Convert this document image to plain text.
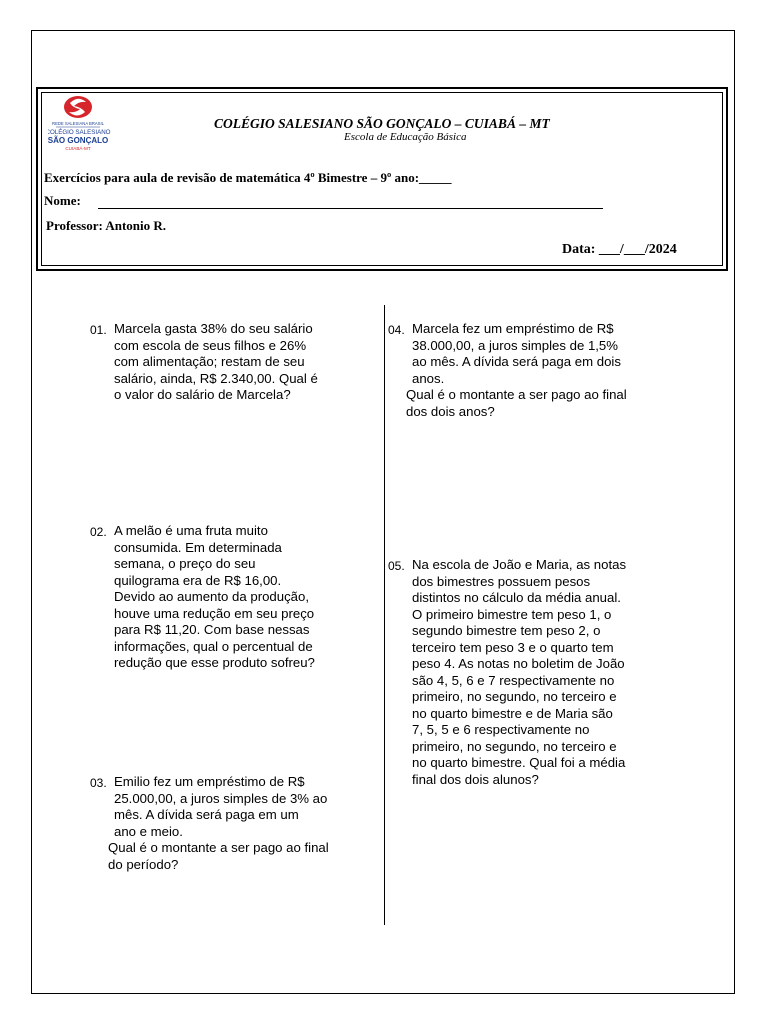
REDE SALESIANA BRASIL
COLÉGIO SALESIANO
SÃO GONÇALO
CUIABÁ-MT
COLÉGIO SALESIANO SÃO GONÇALO – CUIABÁ – MT
Escola de Educação Básica
Exercícios para aula de revisão de matemática 4º Bimestre – 9º ano:_____
Nome:
Professor: Antonio R.
Data: ___/___/2024
01. Marcela gasta 38% do seu salário
com escola de seus filhos e 26%
com alimentação; restam de seu
salário, ainda, R$ 2.340,00. Qual é
o valor do salário de Marcela?
02. A melão é uma fruta muito
consumida. Em determinada
semana, o preço do seu
quilograma era de R$ 16,00.
Devido ao aumento da produção,
houve uma redução em seu preço
para R$ 11,20. Com base nessas
informações, qual o percentual de
redução que esse produto sofreu?
03. Emilio fez um empréstimo de R$
25.000,00, a juros simples de 3% ao
mês. A dívida será paga em um
ano e meio.
Qual é o montante a ser pago ao final
do período?
04. Marcela fez um empréstimo de R$
38.000,00, a juros simples de 1,5%
ao mês. A dívida será paga em dois
anos.
Qual é o montante a ser pago ao final
dos dois anos?
05. Na escola de João e Maria, as notas
dos bimestres possuem pesos
distintos no cálculo da média anual.
O primeiro bimestre tem peso 1, o
segundo bimestre tem peso 2, o
terceiro tem peso 3 e o quarto tem
peso 4. As notas no boletim de João
são 4, 5, 6 e 7 respectivamente no
primeiro, no segundo, no terceiro e
no quarto bimestre e de Maria são
7, 5, 5 e 6 respectivamente no
primeiro, no segundo, no terceiro e
no quarto bimestre. Qual foi a média
final dos dois alunos?
